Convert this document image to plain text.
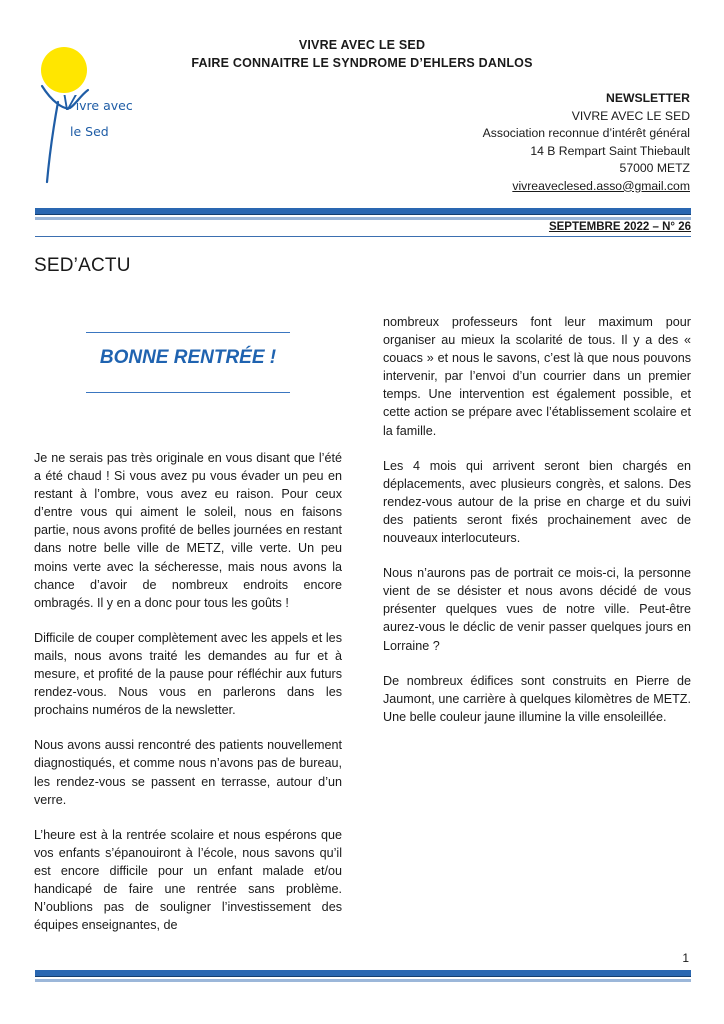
VIVRE AVEC LE SED
FAIRE CONNAITRE LE SYNDROME D’EHLERS DANLOS
Vivre avec
le Sed
NEWSLETTER
VIVRE AVEC LE SED
Association reconnue d’intérêt général
14 B Rempart Saint Thiebault
57000 METZ
vivreaveclesed.asso@gmail.com
SEPTEMBRE 2022 – N° 26
SED’ACTU
BONNE RENTRÉE !

Je ne serais pas très originale en vous disant que l’été a été chaud ! Si vous avez pu vous évader un peu en restant à l’ombre, vous avez eu raison. Pour ceux d’entre vous qui aiment le soleil, nous en faisons partie, nous avons profité de belles journées en restant dans notre belle ville de METZ, ville verte. Un peu moins verte avec la sécheresse, mais nous avons la chance d’avoir de nombreux endroits encore ombragés. Il y en a donc pour tous les goûts !

Difficile de couper complètement avec les appels et les mails, nous avons traité les demandes au fur et à mesure, et profité de la pause pour réfléchir aux futurs rendez-vous. Nous vous en parlerons dans les prochains numéros de la newsletter.

Nous avons aussi rencontré des patients nouvellement diagnostiqués, et comme nous n’avons pas de bureau, les rendez-vous se passent en terrasse, autour d’un verre.

L’heure est à la rentrée scolaire et nous espérons que vos enfants s’épanouiront à l’école, nous savons qu’il est encore difficile pour un enfant malade et/ou handicapé de faire une rentrée sans problème. N’oublions pas de souligner l’investissement des équipes enseignantes, de

nombreux professeurs font leur maximum pour organiser au mieux la scolarité de tous. Il y a des « couacs » et nous le savons, c’est là que nous pouvons intervenir, par l’envoi d’un courrier dans un premier temps. Une intervention est également possible, et cette action se prépare avec l’établissement scolaire et la famille.

Les 4 mois qui arrivent seront bien chargés en déplacements, avec plusieurs congrès, et salons. Des rendez-vous autour de la prise en charge et du suivi des patients seront fixés prochainement avec de nouveaux interlocuteurs.

Nous n’aurons pas de portrait ce mois-ci, la personne vient de se désister et nous avons décidé de vous présenter quelques vues de notre ville. Peut-être aurez-vous le déclic de venir passer quelques jours en Lorraine ?

De nombreux édifices sont construits en Pierre de Jaumont, une carrière à quelques kilomètres de METZ. Une belle couleur jaune illumine la ville ensoleillée.

1
